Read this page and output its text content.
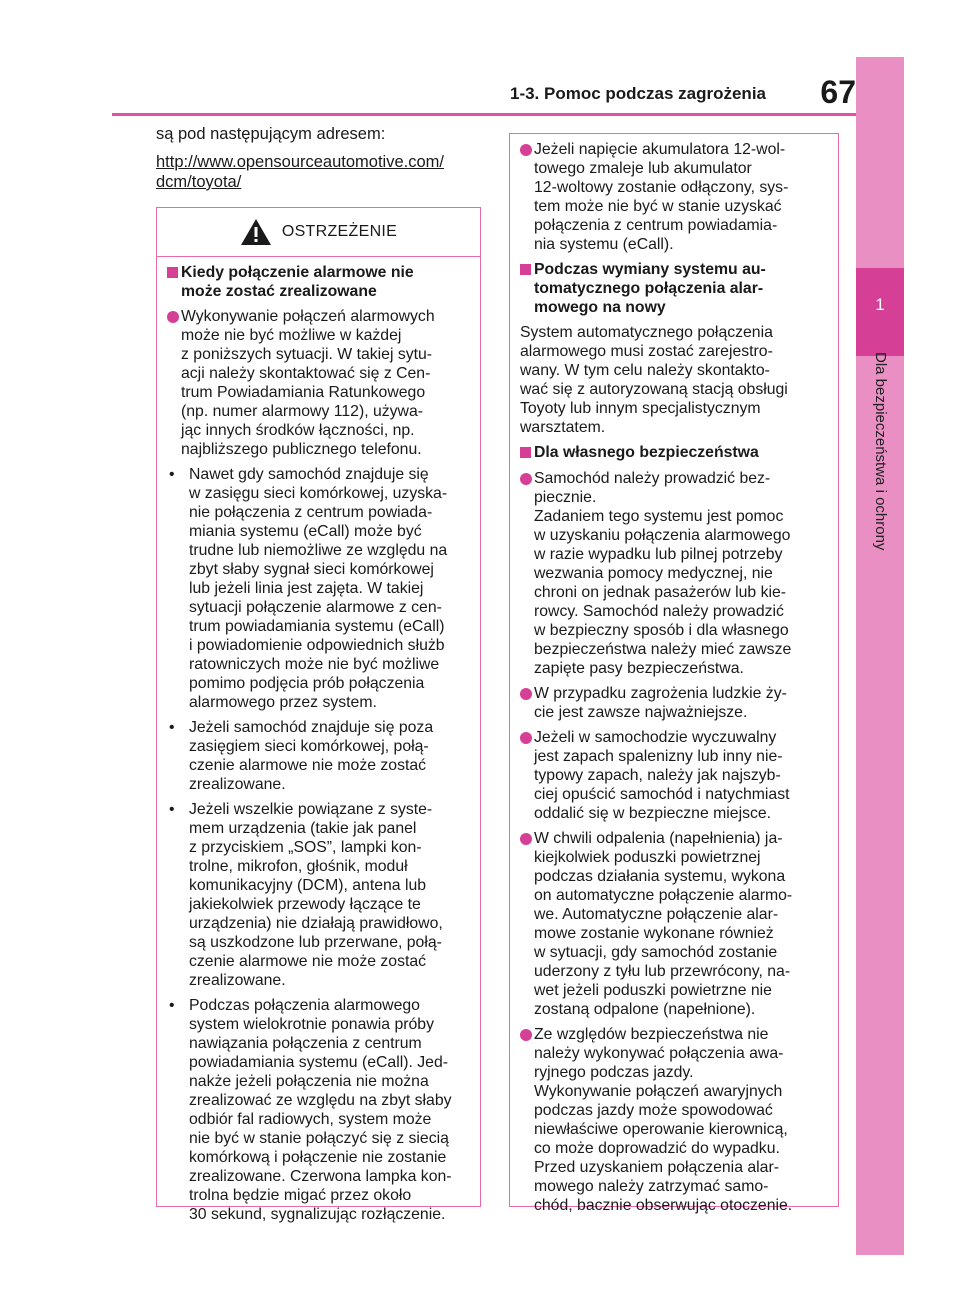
1-3. Pomoc podczas zagrożenia	67
1
Dla bezpieczeństwa i ochrony

są pod następującym adresem:

http://www.opensourceautomotive.com/
dcm/toyota/

OSTRZEŻENIE
Kiedy połączenie alarmowe nie
może zostać zrealizowane
Wykonywanie połączeń alarmowych
może nie być możliwe w każdej
z poniższych sytuacji. W takiej sytu-
acji należy skontaktować się z Cen-
trum Powiadamiania Ratunkowego
(np. numer alarmowy 112), używa-
jąc innych środków łączności, np.
najbliższego publicznego telefonu.
• Nawet gdy samochód znajduje się
w zasięgu sieci komórkowej, uzyska-
nie połączenia z centrum powiada-
miania systemu (eCall) może być
trudne lub niemożliwe ze względu na
zbyt słaby sygnał sieci komórkowej
lub jeżeli linia jest zajęta. W takiej
sytuacji połączenie alarmowe z cen-
trum powiadamiania systemu (eCall)
i powiadomienie odpowiednich służb
ratowniczych może nie być możliwe
pomimo podjęcia prób połączenia
alarmowego przez system.
• Jeżeli samochód znajduje się poza
zasięgiem sieci komórkowej, połą-
czenie alarmowe nie może zostać
zrealizowane.
• Jeżeli wszelkie powiązane z syste-
mem urządzenia (takie jak panel
z przyciskiem „SOS”, lampki kon-
trolne, mikrofon, głośnik, moduł
komunikacyjny (DCM), antena lub
jakiekolwiek przewody łączące te
urządzenia) nie działają prawidłowo,
są uszkodzone lub przerwane, połą-
czenie alarmowe nie może zostać
zrealizowane.
• Podczas połączenia alarmowego
system wielokrotnie ponawia próby
nawiązania połączenia z centrum
powiadamiania systemu (eCall). Jed-
nakże jeżeli połączenia nie można
zrealizować ze względu na zbyt słaby
odbiór fal radiowych, system może
nie być w stanie połączyć się z siecią
komórkową i połączenie nie zostanie
zrealizowane. Czerwona lampka kon-
trolna będzie migać przez około
30 sekund, sygnalizując rozłączenie.
Jeżeli napięcie akumulatora 12-wol-
towego zmaleje lub akumulator
12-woltowy zostanie odłączony, sys-
tem może nie być w stanie uzyskać
połączenia z centrum powiadamia-
nia systemu (eCall).
Podczas wymiany systemu au-
tomatycznego połączenia alar-
mowego na nowy
System automatycznego połączenia
alarmowego musi zostać zarejestro-
wany. W tym celu należy skontakto-
wać się z autoryzowaną stacją obsługi
Toyoty lub innym specjalistycznym
warsztatem.
Dla własnego bezpieczeństwa
Samochód należy prowadzić bez-
piecznie.
Zadaniem tego systemu jest pomoc
w uzyskaniu połączenia alarmowego
w razie wypadku lub pilnej potrzeby
wezwania pomocy medycznej, nie
chroni on jednak pasażerów lub kie-
rowcy. Samochód należy prowadzić
w bezpieczny sposób i dla własnego
bezpieczeństwa należy mieć zawsze
zapięte pasy bezpieczeństwa.
W przypadku zagrożenia ludzkie ży-
cie jest zawsze najważniejsze.
Jeżeli w samochodzie wyczuwalny
jest zapach spalenizny lub inny nie-
typowy zapach, należy jak najszyb-
ciej opuścić samochód i natychmiast
oddalić się w bezpieczne miejsce.
W chwili odpalenia (napełnienia) ja-
kiejkolwiek poduszki powietrznej
podczas działania systemu, wykona
on automatyczne połączenie alarmo-
we. Automatyczne połączenie alar-
mowe zostanie wykonane również
w sytuacji, gdy samochód zostanie
uderzony z tyłu lub przewrócony, na-
wet jeżeli poduszki powietrzne nie
zostaną odpalone (napełnione).
Ze względów bezpieczeństwa nie
należy wykonywać połączenia awa-
ryjnego podczas jazdy.
Wykonywanie połączeń awaryjnych
podczas jazdy może spowodować
niewłaściwe operowanie kierownicą,
co może doprowadzić do wypadku.
Przed uzyskaniem połączenia alar-
mowego należy zatrzymać samo-
chód, bacznie obserwując otoczenie.
